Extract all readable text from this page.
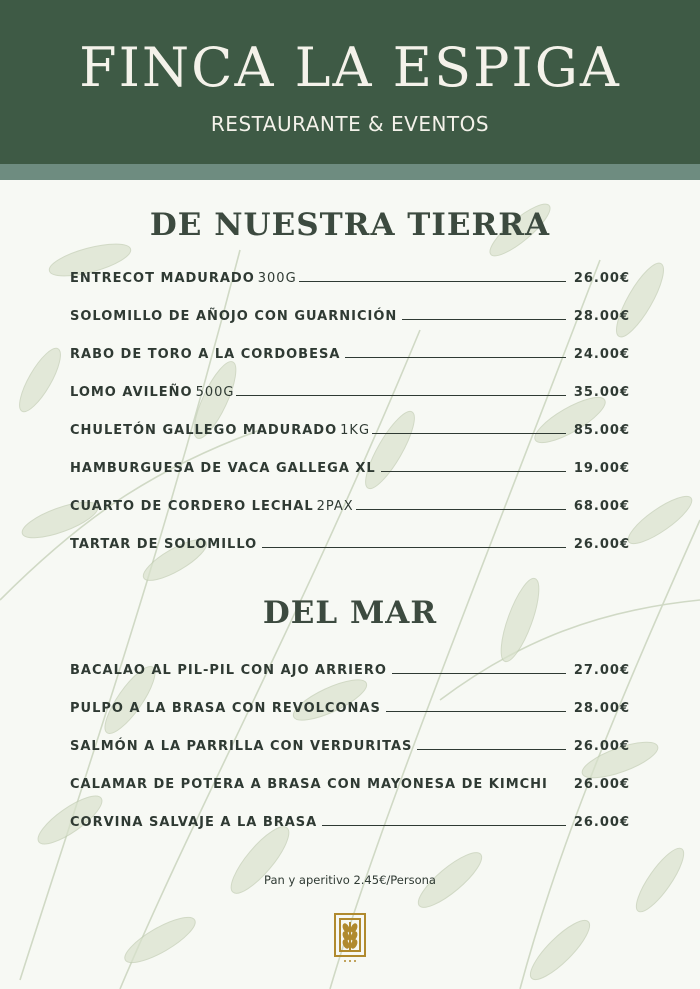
FINCA LA ESPIGA
RESTAURANTE & EVENTOS
DE NUESTRA TIERRA
ENTRECOT MADURADO 300G	26.00€
SOLOMILLO DE AÑOJO CON GUARNICIÓN	28.00€
RABO DE TORO A LA CORDOBESA	24.00€
LOMO AVILEÑO 500G	35.00€
CHULETÓN GALLEGO MADURADO 1KG	85.00€
HAMBURGUESA DE VACA GALLEGA XL	19.00€
CUARTO DE CORDERO LECHAL 2PAX	68.00€
TARTAR DE SOLOMILLO	26.00€
DEL MAR
BACALAO AL PIL-PIL CON AJO ARRIERO	27.00€
PULPO A LA BRASA CON REVOLCONAS	28.00€
SALMÓN A LA PARRILLA CON VERDURITAS	26.00€
CALAMAR DE POTERA A BRASA CON MAYONESA DE KIMCHI 26.00€
CORVINA SALVAJE A LA BRASA	26.00€
Pan y aperitivo 2.45€/Persona
